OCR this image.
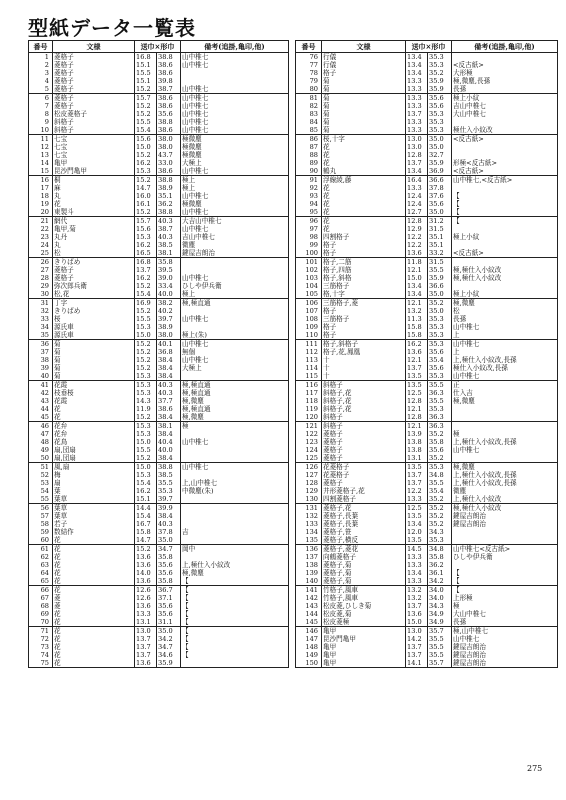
型紙データ一覧表
番号	文様	送巾×形巾		備考(追掛,亀印,他)
1	菱格子	16.8	38.8	山中椎七
2	菱格子	15.1	38.6	山中椎七
3	菱格子	15.5	38.6	
4	菱格子	15.1	39.8	
5	菱格子	15.2	38.7	山中椎七
6	菱格子	15.7	38.6	山中椎七
7	菱格子	15.2	38.6	山中椎七
8	松皮菱格子	15.2	35.6	山中椎七
9	斜格子	15.5	38.8	山中椎七
10	斜格子	15.4	38.6	山中椎七
11	七宝	15.6	38.0	極微塵
12	七宝	15.0	38.0	極微塵
13	七宝	15.2	43.7	極微塵
14	亀甲	16.2	33.0	大極上
15	昆沙門亀甲	15.3	38.6	山中椎七
16	桐	15.2	38.8	極上
17	麻	14.7	38.9	極上
18	丸	16.0	35.1	山中椎七
19	花	16.1	36.2	極微塵
20	東製斗	15.2	38.8	山中椎七
21	網代	15.7	40.3	大吉山中椎七
22	亀甲,菊	15.6	38.7	山中椎七
23	丸丹	15.3	40.3	吉山中椎七
24	丸	16.2	38.5	微塵
25	松	16.5	38.1	鍵屋吉朗治
26	きりばめ	16.8	35.8	
27	菱格子	13.7	39.5	
28	菱格子	16.2	39.0	山中椎七
29	弥次郎兵衛	15.2	33.4	ひしや伊兵衛
30	松,花	15.4	40.0	極上
31	丁字	16.9	38.2	極,極直通
32	きりばめ	15.2	40.2	
33	桜	15.5	39.7	山中椎七
34	源氏車	15.3	38.9	
35	源氏車	15.0	38.0	極上(朱)
36	菊	15.2	40.1	山中椎七
37	菊	15.2	36.8	無個
38	菊	15.2	38.4	山中椎七
39	菊	15.2	38.4	大極上
40	菊	15.3	38.4	
41	花霞	15.3	40.3	極,極直通
42	枝垂桜	15.3	40.3	極,極直通
43	花霞	14.3	37.7	極,微塵
44	花	11.9	38.6	極,極直通
45	花	15.2	38.4	極,微塵
46	花弁	15.3	38.1	極
47	花弁	15.3	38.4	
48	花鳥	15.0	40.4	山中椎七
49	扇,団扇	15.5	40.0	
50	扇,団扇	15.2	38.4	
51	風,扇	15.0	38.8	山中椎七
52	梅	15.3	38.5	
53	扇	15.4	35.5	上,山中椎七
54	葉	16.2	35.3	中微塵(朱)
55	葉草	15.1	39.7	
56	葉草	14.4	39.9	
57	葉草	15.4	38.4	
58	若子	16.7	40.3	
59	数結作	15.8	37.8	吉
60	花	14.7	35.0	
61	花	15.2	34.7	岡中
62	花	13.6	35.8	
63	花	13.6	35.6	上,極仕入小紋改
64	花	14.0	35.6	極,微塵
65	花	13.6	35.8	【
66	花	12.6	36.7	【
67	菱	12.6	37.1	【
68	菱	13.6	35.6	【
69	花	13.3	35.6	【
70	花	13.1	31.1	【
71	花	13.0	35.0	【
72	花	13.7	34.2	【
73	花	13.7	34.7	【
74	花	13.7	34.6	【
75	花	13.6	35.9	
番号	文様	送巾×形巾		備考(追掛,亀印,他)
76	行儀	13.4	35.3	
77	行儀	13.4	35.3	<反古紙>
78	格子	13.4	35.2	大形極
79	菊	13.3	35.9	極,微塵,長孫
80	菊	13.3	35.9	長孫
81	菊	13.3	35.6	極上小紋
82	菊	13.3	35.6	吉山中椎七
83	菊	13.7	35.3	大山中椎七
84	菊	13.3	35.3	
85	菊	13.3	35.3	極仕入小紋改
86	桜,十字	13.0	35.0	<反古紙>
87	花	13.0	35.0	
88	花	12.8	32.7	
89	花	13.7	35.9	形極<反古紙>
90	鶴丸	13.4	36.9	<反古紙>
91	浮線綾,藤	16.4	36.6	山中椎七,<反古紙>
92	花	13.3	37.8	
93	花	12.4	37.6	【
94	花	12.4	35.6	【
95	花	12.7	35.0	【
96	花	12.8	31.2	【
97	花	12.9	31.5	
98	四割格子	12.2	35.1	極上小紋
99	格子	12.2	35.1	
100	格子	13.6	33.2	<反古紙>
101	格子,二筋	11.8	31.5	
102	格子,四筋	12.1	35.5	極,極仕入小紋改
103	格子,斜格	15.0	35.9	極,極仕入小紋改
104	三筋格子	13.4	36.6	
105	格,十字	13.4	35.0	極上小紋
106	三筋格子,菱	12.1	35.2	極,微塵
107	格子	13.2	35.0	松
108	三筋格子	11.3	35.3	長孫
109	格子	15.8	35.3	山中椎七
110	格子	15.8	35.3	上
111	格子,斜格子	16.2	35.3	山中椎七
112	格子,花,鳳凰	13.6	35.6	上
113	十	12.1	35.4	上,極仕入小紋改,長孫
114	十	13.7	35.6	極仕入小紋改,長孫
115	十	13.5	35.3	山中椎七
116	斜格子	13.5	35.5	正
117	斜格子,花	12.5	36.3	仕入吉
118	斜格子,花	12.8	35.5	極,微塵
119	斜格子,花	12.1	35.3	
120	斜格子	12.8	36.3	
121	斜格子	12.1	36.3	
122	菱格子	13.9	35.2	極
123	菱格子	13.8	35.8	上,極仕入小紋改,長孫
124	菱格子	13.8	35.6	山中椎七
125	菱格子	13.1	35.2	
126	花菱格子	13.5	35.3	極,微塵
127	花菱格子	13.7	34.8	上,極仕入小紋改,長孫
128	菱格子	13.7	35.5	上,極仕入小紋改,長孫
129	井形菱格子,花	12.2	35.4	微塵
130	四割菱格子	13.3	35.2	上,極仕入小紋改
131	菱格子,花	12.5	35.2	極,極仕入小紋改
132	菱格子,長葉	13.5	35.2	鍵屋吉朗治
133	菱格子,長葉	13.4	35.2	鍵屋吉朗治
134	菱格子,笹	12.0	34.3	
135	菱格子,横反	13.5	35.3	
136	菱格子,菱花	14.5	34.8	山中椎七<反古紙>
137	向鶴菱格子	13.3	35.8	ひしや伊兵衛
138	菱格子,菊	13.3	36.2	
139	菱格子,菊	13.4	36.1	【
140	菱格子,菊	13.3	34.2	【
141	竹格子,風車	13.2	34.0	【
142	竹格子,風車	13.2	34.0	上形極
143	松皮菱,ひしき菊	13.7	34.3	極
144	松皮菱,菊	13.6	34.9	大山中椎七
145	松皮菱極	15.0	34.9	長孫
146	亀甲	13.0	35.7	極,山中椎七
147	昆沙門亀甲	14.2	35.5	山中椎七
148	亀甲	13.7	35.5	鍵屋吉朗治
149	亀甲	13.7	35.5	鍵屋吉朗治
150	亀甲	14.1	35.7	鍵屋吉朗治
275
